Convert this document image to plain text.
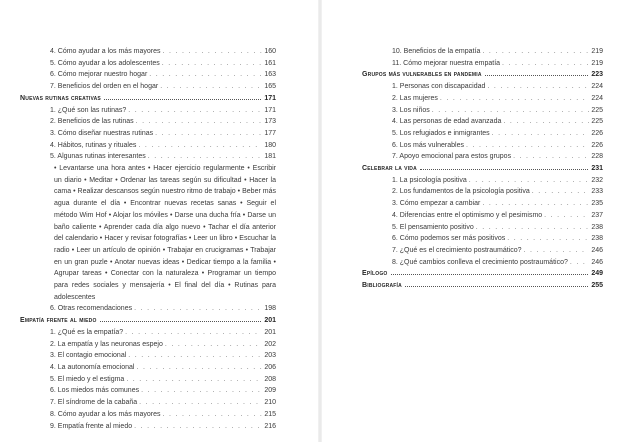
4. Cómo ayudar a los más mayores . . .	160
5. Cómo ayudar a los adolescentes . . .	161
6. Cómo mejorar nuestro hogar . . .	163
7. Beneficios del orden en el hogar . . .	165
Nuevas rutinas creativas	171
1. ¿Qué son las rutinas? . . .	171
2. Beneficios de las rutinas . . .	173
3. Cómo diseñar nuestras rutinas . . .	177
4. Hábitos, rutinas y rituales . . .	180
5. Algunas rutinas interesantes . . .	181
• Levantarse una hora antes • Hacer ejercicio regularmente • Escribir un diario • Meditar • Ordenar las tareas según su dificultad • Hacer la cama • Realizar descansos según nuestro ritmo de trabajo • Beber más agua durante el día • Encontrar nuevas recetas sanas • Seguir el método Wim Hof • Alojar los móviles • Darse una ducha fría • Darse un baño caliente • Aprender cada día algo nuevo • Tachar el día anterior del calendario • Hacer y revisar fotografías • Leer un libro • Escuchar la radio • Leer un artículo de opinión • Trabajar en crucigramas • Trabajar en un gran puzle • Anotar nuevas ideas • Dedicar tiempo a la familia • Agrupar tareas • Conectar con la naturaleza • Programar un tiempo para redes sociales y mensajería • El final del día • Rutinas para adolescentes
6. Otras recomendaciones . . .	198
Empatía frente al miedo	201
1. ¿Qué es la empatía? . . .	201
2. La empatía y las neuronas espejo . . .	202
3. El contagio emocional . . .	203
4. La autonomía emocional . . .	206
5. El miedo y el estigma . . .	208
6. Los miedos más comunes . . .	209
7. El síndrome de la cabaña . . .	210
8. Cómo ayudar a los más mayores . . .	215
9. Empatía frente al miedo . . .	216
10. Beneficios de la empatía . . .	219
11. Cómo mejorar nuestra empatía . . .	219
Grupos más vulnerables en pandemia	223
1. Personas con discapacidad . . .	224
2. Las mujeres . . .	224
3. Los niños . . .	225
4. Las personas de edad avanzada . . .	225
5. Los refugiados e inmigrantes . . .	226
6. Los más vulnerables . . .	226
7. Apoyo emocional para estos grupos . . .	228
Celebrar la vida	231
1. La psicología positiva . . .	232
2. Los fundamentos de la psicología positiva . . .	233
3. Cómo empezar a cambiar . . .	235
4. Diferencias entre el optimismo y el pesimismo . . .	237
5. El pensamiento positivo . . .	238
6. Cómo podemos ser más positivos . . .	238
7. ¿Qué es el crecimiento postraumático? . . .	246
8. ¿Qué cambios conlleva el crecimiento postraumático? . . .	246
Epílogo	249
Bibliografía	255
